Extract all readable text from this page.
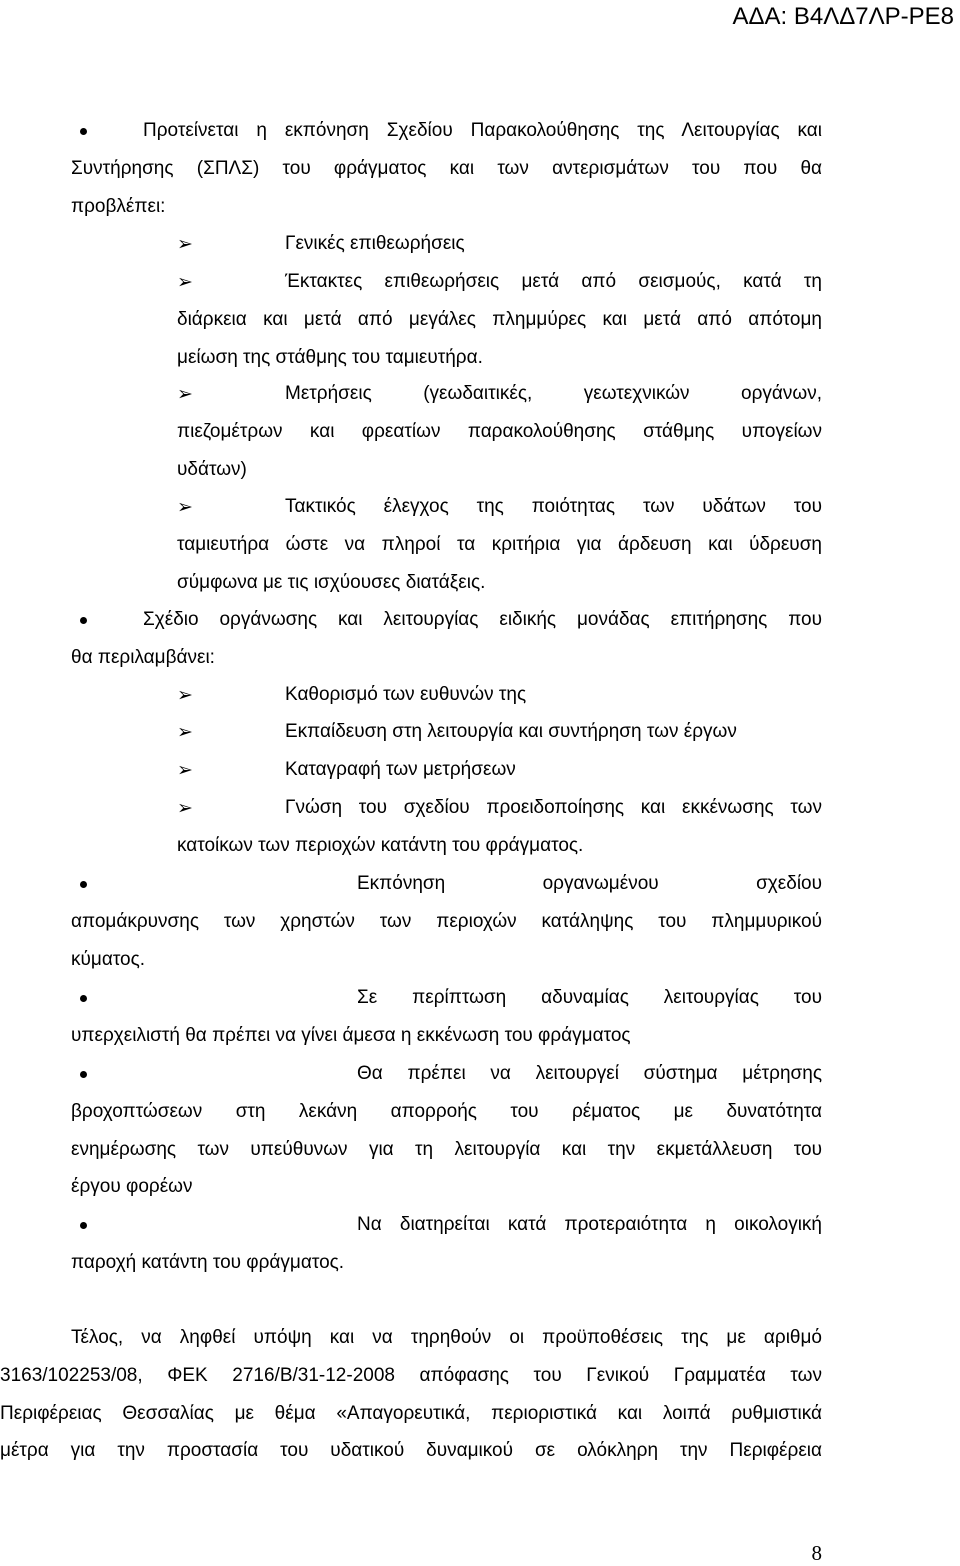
ΑΔΑ: Β4ΛΔ7ΛΡ-ΡΕ8
Προτείνεται η εκπόνηση Σχεδίου Παρακολούθησης της Λειτουργίας και
Συντήρησης (ΣΠΛΣ) του φράγματος και των αντερισμάτων του που θα
προβλέπει:
➢	Γενικές επιθεωρήσεις
➢	Έκτακτες επιθεωρήσεις μετά από σεισμούς, κατά τη
διάρκεια και μετά από μεγάλες πλημμύρες και μετά από απότομη
μείωση της στάθμης του ταμιευτήρα.
➢	Μετρήσεις (γεωδαιτικές, γεωτεχνικών οργάνων,
πιεζομέτρων και φρεατίων παρακολούθησης στάθμης υπογείων
υδάτων)
➢	Τακτικός έλεγχος της ποιότητας των υδάτων του
ταμιευτήρα ώστε να πληροί τα κριτήρια για άρδευση και ύδρευση
σύμφωνα με τις ισχύουσες διατάξεις.
Σχέδιο οργάνωσης και λειτουργίας ειδικής μονάδας επιτήρησης που
θα περιλαμβάνει:
➢	Καθορισμό των ευθυνών της
➢	Εκπαίδευση στη λειτουργία και συντήρηση των έργων
➢	Καταγραφή των μετρήσεων
➢	Γνώση του σχεδίου προειδοποίησης και εκκένωσης των
κατοίκων των περιοχών κατάντη του φράγματος.
Εκπόνηση οργανωμένου σχεδίου
απομάκρυνσης των χρηστών των περιοχών κατάληψης του πλημμυρικού
κύματος.
Σε περίπτωση αδυναμίας λειτουργίας του
υπερχειλιστή θα πρέπει να γίνει άμεσα η εκκένωση του φράγματος
Θα πρέπει να λειτουργεί σύστημα μέτρησης
βροχοπτώσεων στη λεκάνη απορροής του ρέματος με δυνατότητα
ενημέρωσης των υπεύθυνων για τη λειτουργία και την εκμετάλλευση του
έργου φορέων
Να διατηρείται κατά προτεραιότητα η οικολογική
παροχή κατάντη του φράγματος.
Τέλος, να ληφθεί υπόψη και να τηρηθούν οι προϋποθέσεις της με αριθμό
3163/102253/08, ΦΕΚ 2716/Β/31-12-2008 απόφασης του Γενικού Γραμματέα των
Περιφέρειας Θεσσαλίας με θέμα «Απαγορευτικά, περιοριστικά και λοιπά ρυθμιστικά
μέτρα για την προστασία του υδατικού δυναμικού σε ολόκληρη την Περιφέρεια
8
